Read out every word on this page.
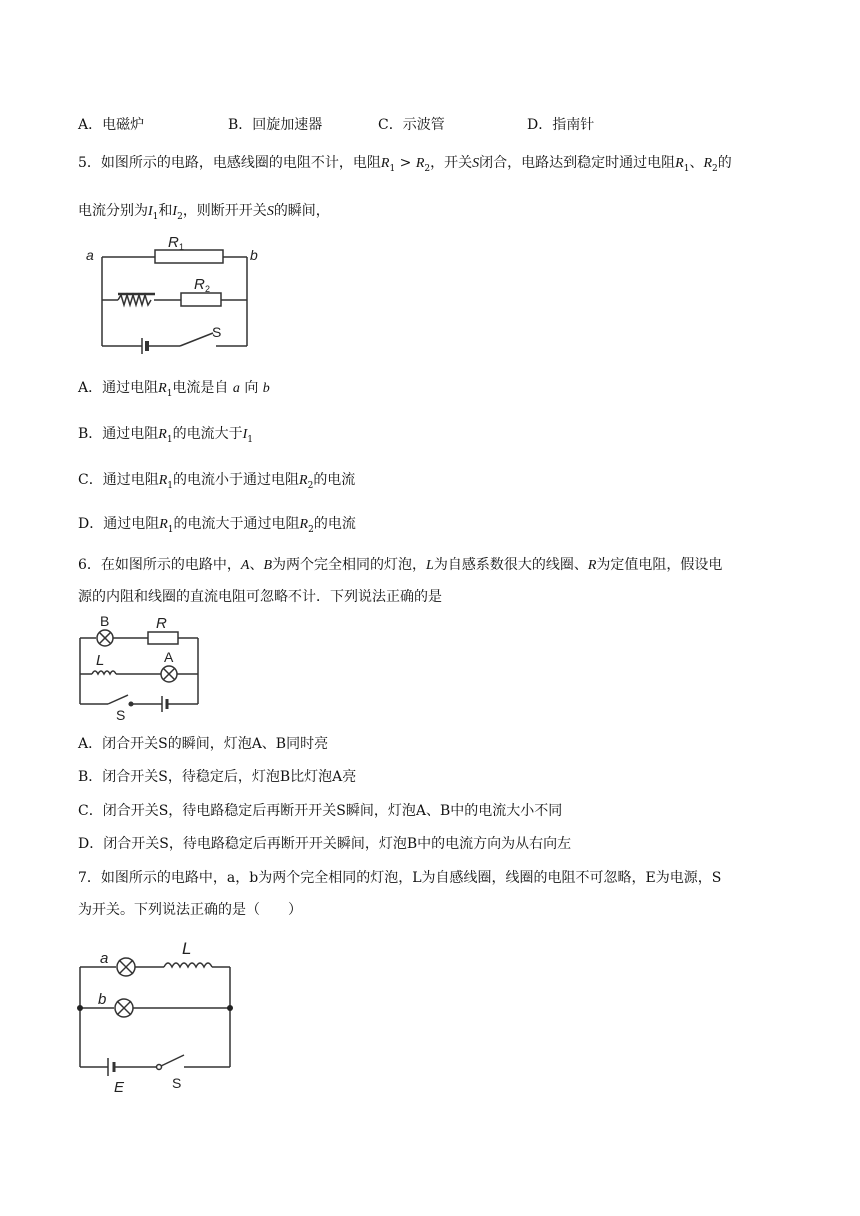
A．电磁炉	B．回旋加速器	C．示波管	D．指南针
5．如图所示的电路，电感线圈的电阻不计，电阻$R_1 > R_2$，开关S闭合，电路达到稳定时通过电阻$R_1$、$R_2$的
电流分别为$I_1$和$I_2$，则断开开关S的瞬间，
a	b
R 1
R 2
S
A．通过电阻$R_1$电流是自 a 向 b
B．通过电阻$R_1$的电流大于$I_1$
C．通过电阻$R_1$的电流小于通过电阻$R_2$的电流
D．通过电阻$R_1$的电流大于通过电阻$R_2$的电流
6．在如图所示的电路中，A、B为两个完全相同的灯泡，L为自感系数很大的线圈、R为定值电阻，假设电
源的内阻和线圈的直流电阻可忽略不计．下列说法正确的是
B	R
L	A
S
A．闭合开关S的瞬间，灯泡A、B同时亮
B．闭合开关S，待稳定后，灯泡B比灯泡A亮
C．闭合开关S，待电路稳定后再断开开关S瞬间，灯泡A、B中的电流大小不同
D．闭合开关S，待电路稳定后再断开开关瞬间，灯泡B中的电流方向为从右向左
7．如图所示的电路中，a，b为两个完全相同的灯泡，L为自感线圈，线圈的电阻不可忽略，E为电源，S
为开关。下列说法正确的是（　　）
a
b
L
E	S
